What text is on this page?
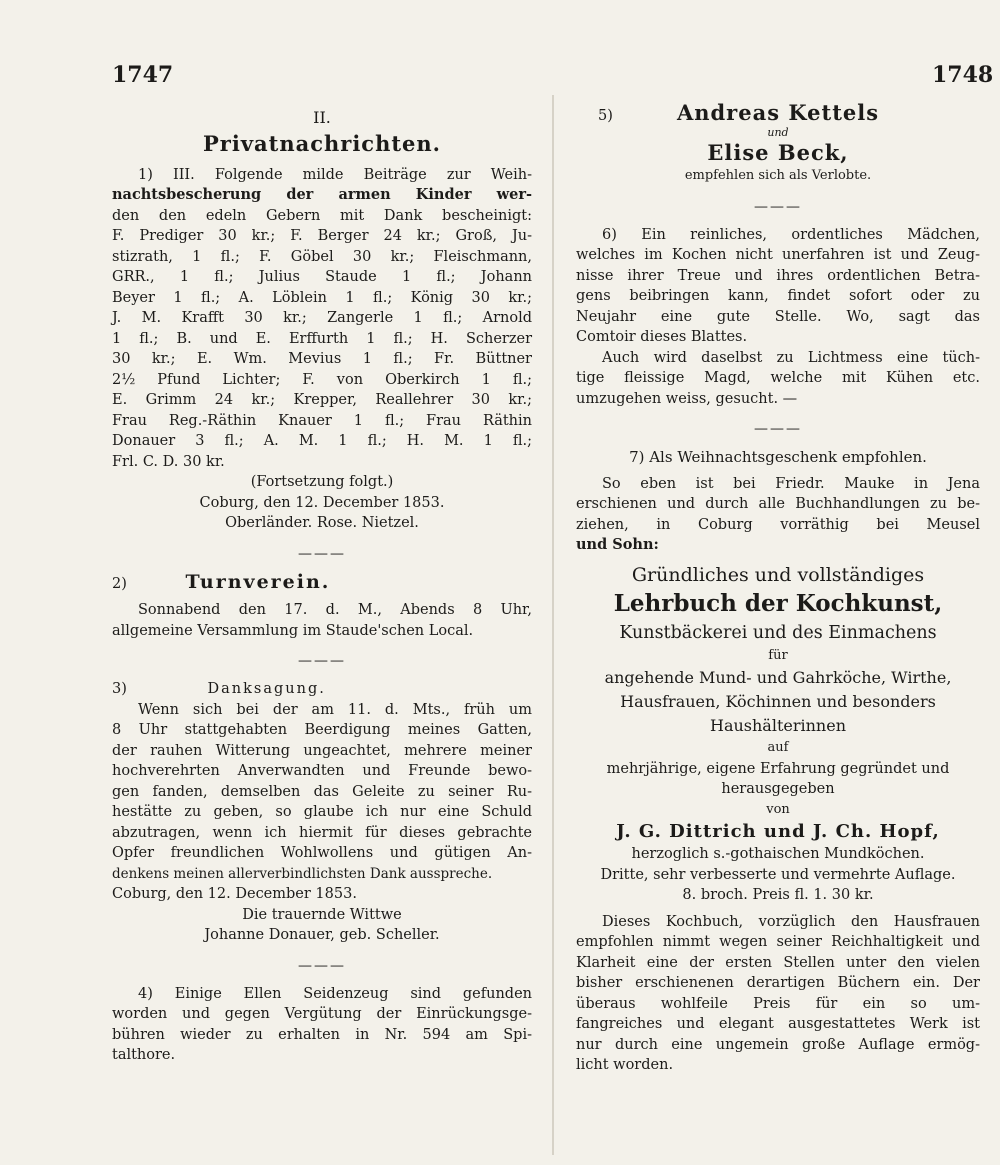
1747	1748
II.
Privatnachrichten.
1) III. Folgende milde Beiträge zur Weih-
nachtsbescherung der armen Kinder wer-
den den edeln Gebern mit Dank bescheinigt:
F. Prediger 30 kr.; F. Berger 24 kr.; Groß, Ju-
stizrath, 1 fl.; F. Göbel 30 kr.; Fleischmann,
GRR., 1 fl.; Julius Staude 1 fl.; Johann
Beyer 1 fl.; A. Löblein 1 fl.; König 30 kr.;
J. M. Krafft 30 kr.; Zangerle 1 fl.; Arnold
1 fl.; B. und E. Erffurth 1 fl.; H. Scherzer
30 kr.; E. Wm. Mevius 1 fl.; Fr. Büttner
2½ Pfund Lichter; F. von Oberkirch 1 fl.;
E. Grimm 24 kr.; Krepper, Reallehrer 30 kr.;
Frau Reg.-Räthin Knauer 1 fl.; Frau Räthin
Donauer 3 fl.; A. M. 1 fl.; H. M. 1 fl.;
Frl. C. D. 30 kr.
(Fortsetzung folgt.)
Coburg, den 12. December 1853.
Oberländer. Rose. Nietzel.
———
2)	Turnverein.
Sonnabend den 17. d. M., Abends 8 Uhr,
allgemeine Versammlung im Staude'schen Local.
———
3)	Danksagung.
Wenn sich bei der am 11. d. Mts., früh um
8 Uhr stattgehabten Beerdigung meines Gatten,
der rauhen Witterung ungeachtet, mehrere meiner
hochverehrten Anverwandten und Freunde bewo-
gen fanden, demselben das Geleite zu seiner Ru-
hestätte zu geben, so glaube ich nur eine Schuld
abzutragen, wenn ich hiermit für dieses gebrachte
Opfer freundlichen Wohlwollens und gütigen An-
denkens meinen allerverbindlichsten Dank ausspreche.
Coburg, den 12. December 1853.
Die trauernde Wittwe
Johanne Donauer, geb. Scheller.
———
4) Einige Ellen Seidenzeug sind gefunden
worden und gegen Vergütung der Einrückungsge-
bühren wieder zu erhalten in Nr. 594 am Spi-
talthore.
5)	Andreas Kettels
und
Elise Beck,
empfehlen sich als Verlobte.
———
6) Ein reinliches, ordentliches Mädchen,
welches im Kochen nicht unerfahren ist und Zeug-
nisse ihrer Treue und ihres ordentlichen Betra-
gens beibringen kann, findet sofort oder zu
Neujahr eine gute Stelle. Wo, sagt das
Comtoir dieses Blattes.
Auch wird daselbst zu Lichtmess eine tüch-
tige fleissige Magd, welche mit Kühen etc.
umzugehen weiss, gesucht. —
———
7) Als Weihnachtsgeschenk empfohlen.
So eben ist bei Friedr. Mauke in Jena
erschienen und durch alle Buchhandlungen zu be-
ziehen, in Coburg vorräthig bei Meusel
und Sohn:
Gründliches und vollständiges
Lehrbuch der Kochkunst,
Kunstbäckerei und des Einmachens
für
angehende Mund- und Gahrköche, Wirthe,
Hausfrauen, Köchinnen und besonders
Haushälterinnen
auf
mehrjährige, eigene Erfahrung gegründet und
herausgegeben
von
J. G. Dittrich und J. Ch. Hopf,
herzoglich s.-gothaischen Mundköchen.
Dritte, sehr verbesserte und vermehrte Auflage.
8. broch. Preis fl. 1. 30 kr.
Dieses Kochbuch, vorzüglich den Hausfrauen
empfohlen nimmt wegen seiner Reichhaltigkeit und
Klarheit eine der ersten Stellen unter den vielen
bisher erschienenen derartigen Büchern ein. Der
überaus wohlfeile Preis für ein so um-
fangreiches und elegant ausgestattetes Werk ist
nur durch eine ungemein große Auflage ermög-
licht worden.
